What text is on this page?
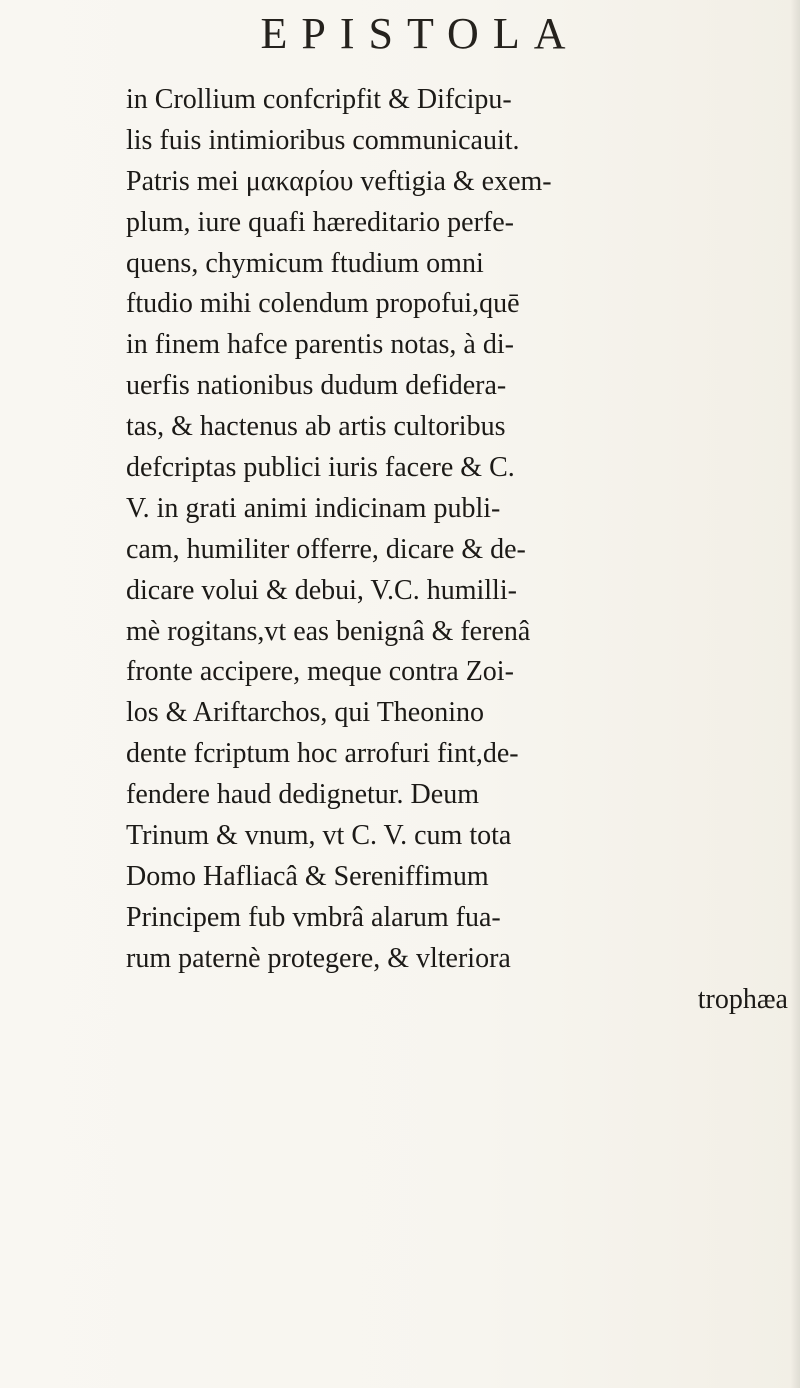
EPISTOLA
in Crollium confcripfit & Difcipu-
lis fuis intimioribus communicauit.
Patris mei μακαρίου veftigia & exem-
plum, iure quafi hæreditario perfe-
quens, chymicum ftudium omni
ftudio mihi colendum propofui,quē
in finem hafce parentis notas, à di-
uerfis nationibus dudum defidera-
tas, & hactenus ab artis cultoribus
defcriptas publici iuris facere & C.
V. in grati animi indicinam publi-
cam, humiliter offerre, dicare & de-
dicare volui & debui, V.C. humilli-
mè rogitans,vt eas benignâ & ferenâ
fronte accipere, meque contra Zoi-
los & Ariftarchos, qui Theonino
dente fcriptum hoc arrofuri fint,de-
fendere haud dedignetur. Deum
Trinum & vnum, vt C. V. cum tota
Domo Hafliacâ & Sereniffimum
Principem fub vmbrâ alarum fua-
rum paternè protegere, & vlteriora
trophæa
